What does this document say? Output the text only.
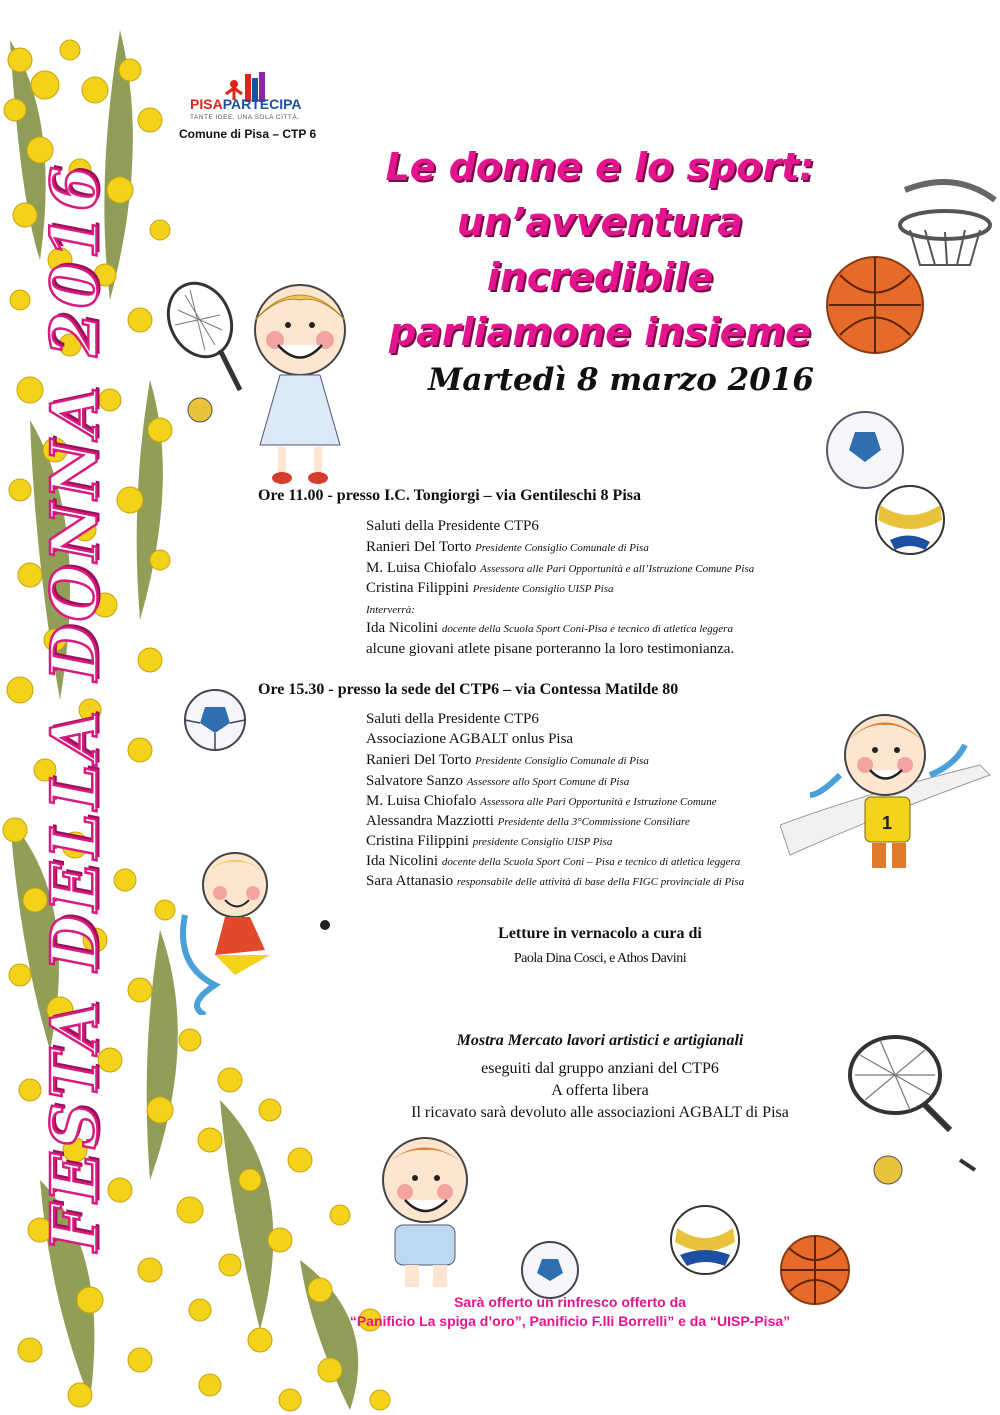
FESTA DELLA DONNA 2016
PISAPARTECIPA
TANTE IDEE. UNA SOLA CITTÀ.
Comune di Pisa – CTP 6
Le donne e lo sport:
un’avventura incredibile
parliamone insieme
Martedì 8 marzo 2016
1
Ore 11.00 - presso I.C. Tongiorgi – via Gentileschi 8 Pisa
Saluti della Presidente CTP6
Ranieri Del Torto Presidente Consiglio Comunale di Pisa
M. Luisa Chiofalo Assessora alle Pari Opportunità e all’Istruzione Comune Pisa
Cristina Filippini Presidente Consiglio UISP Pisa
Interverrà:
Ida Nicolini docente della Scuola Sport Coni-Pisa e tecnico di atletica leggera
alcune giovani atlete pisane porteranno la loro testimonianza.
Ore 15.30 - presso la sede del CTP6 – via Contessa Matilde 80
Saluti della Presidente CTP6
Associazione AGBALT onlus Pisa
Ranieri Del Torto Presidente Consiglio Comunale di Pisa
Salvatore Sanzo Assessore allo Sport Comune di Pisa
M. Luisa Chiofalo Assessora alle Pari Opportunità e Istruzione Comune
Alessandra Mazziotti Presidente della 3°Commissione Consiliare
Cristina Filippini presidente Consiglio UISP Pisa
Ida Nicolini docente della Scuola Sport Coni – Pisa e tecnico di atletica leggera
Sara Attanasio responsabile delle attività di base della FIGC provinciale di Pisa
Letture in vernacolo a cura di
Paola Dina Cosci, e Athos Davini
Mostra Mercato lavori artistici e artigianali
eseguiti dal gruppo anziani del CTP6
A offerta libera
Il ricavato sarà devoluto alle associazioni AGBALT di Pisa
Sarà offerto un rinfresco offerto da
“Panificio La spiga d’oro”, Panificio F.lli Borrelli” e da “UISP-Pisa”
